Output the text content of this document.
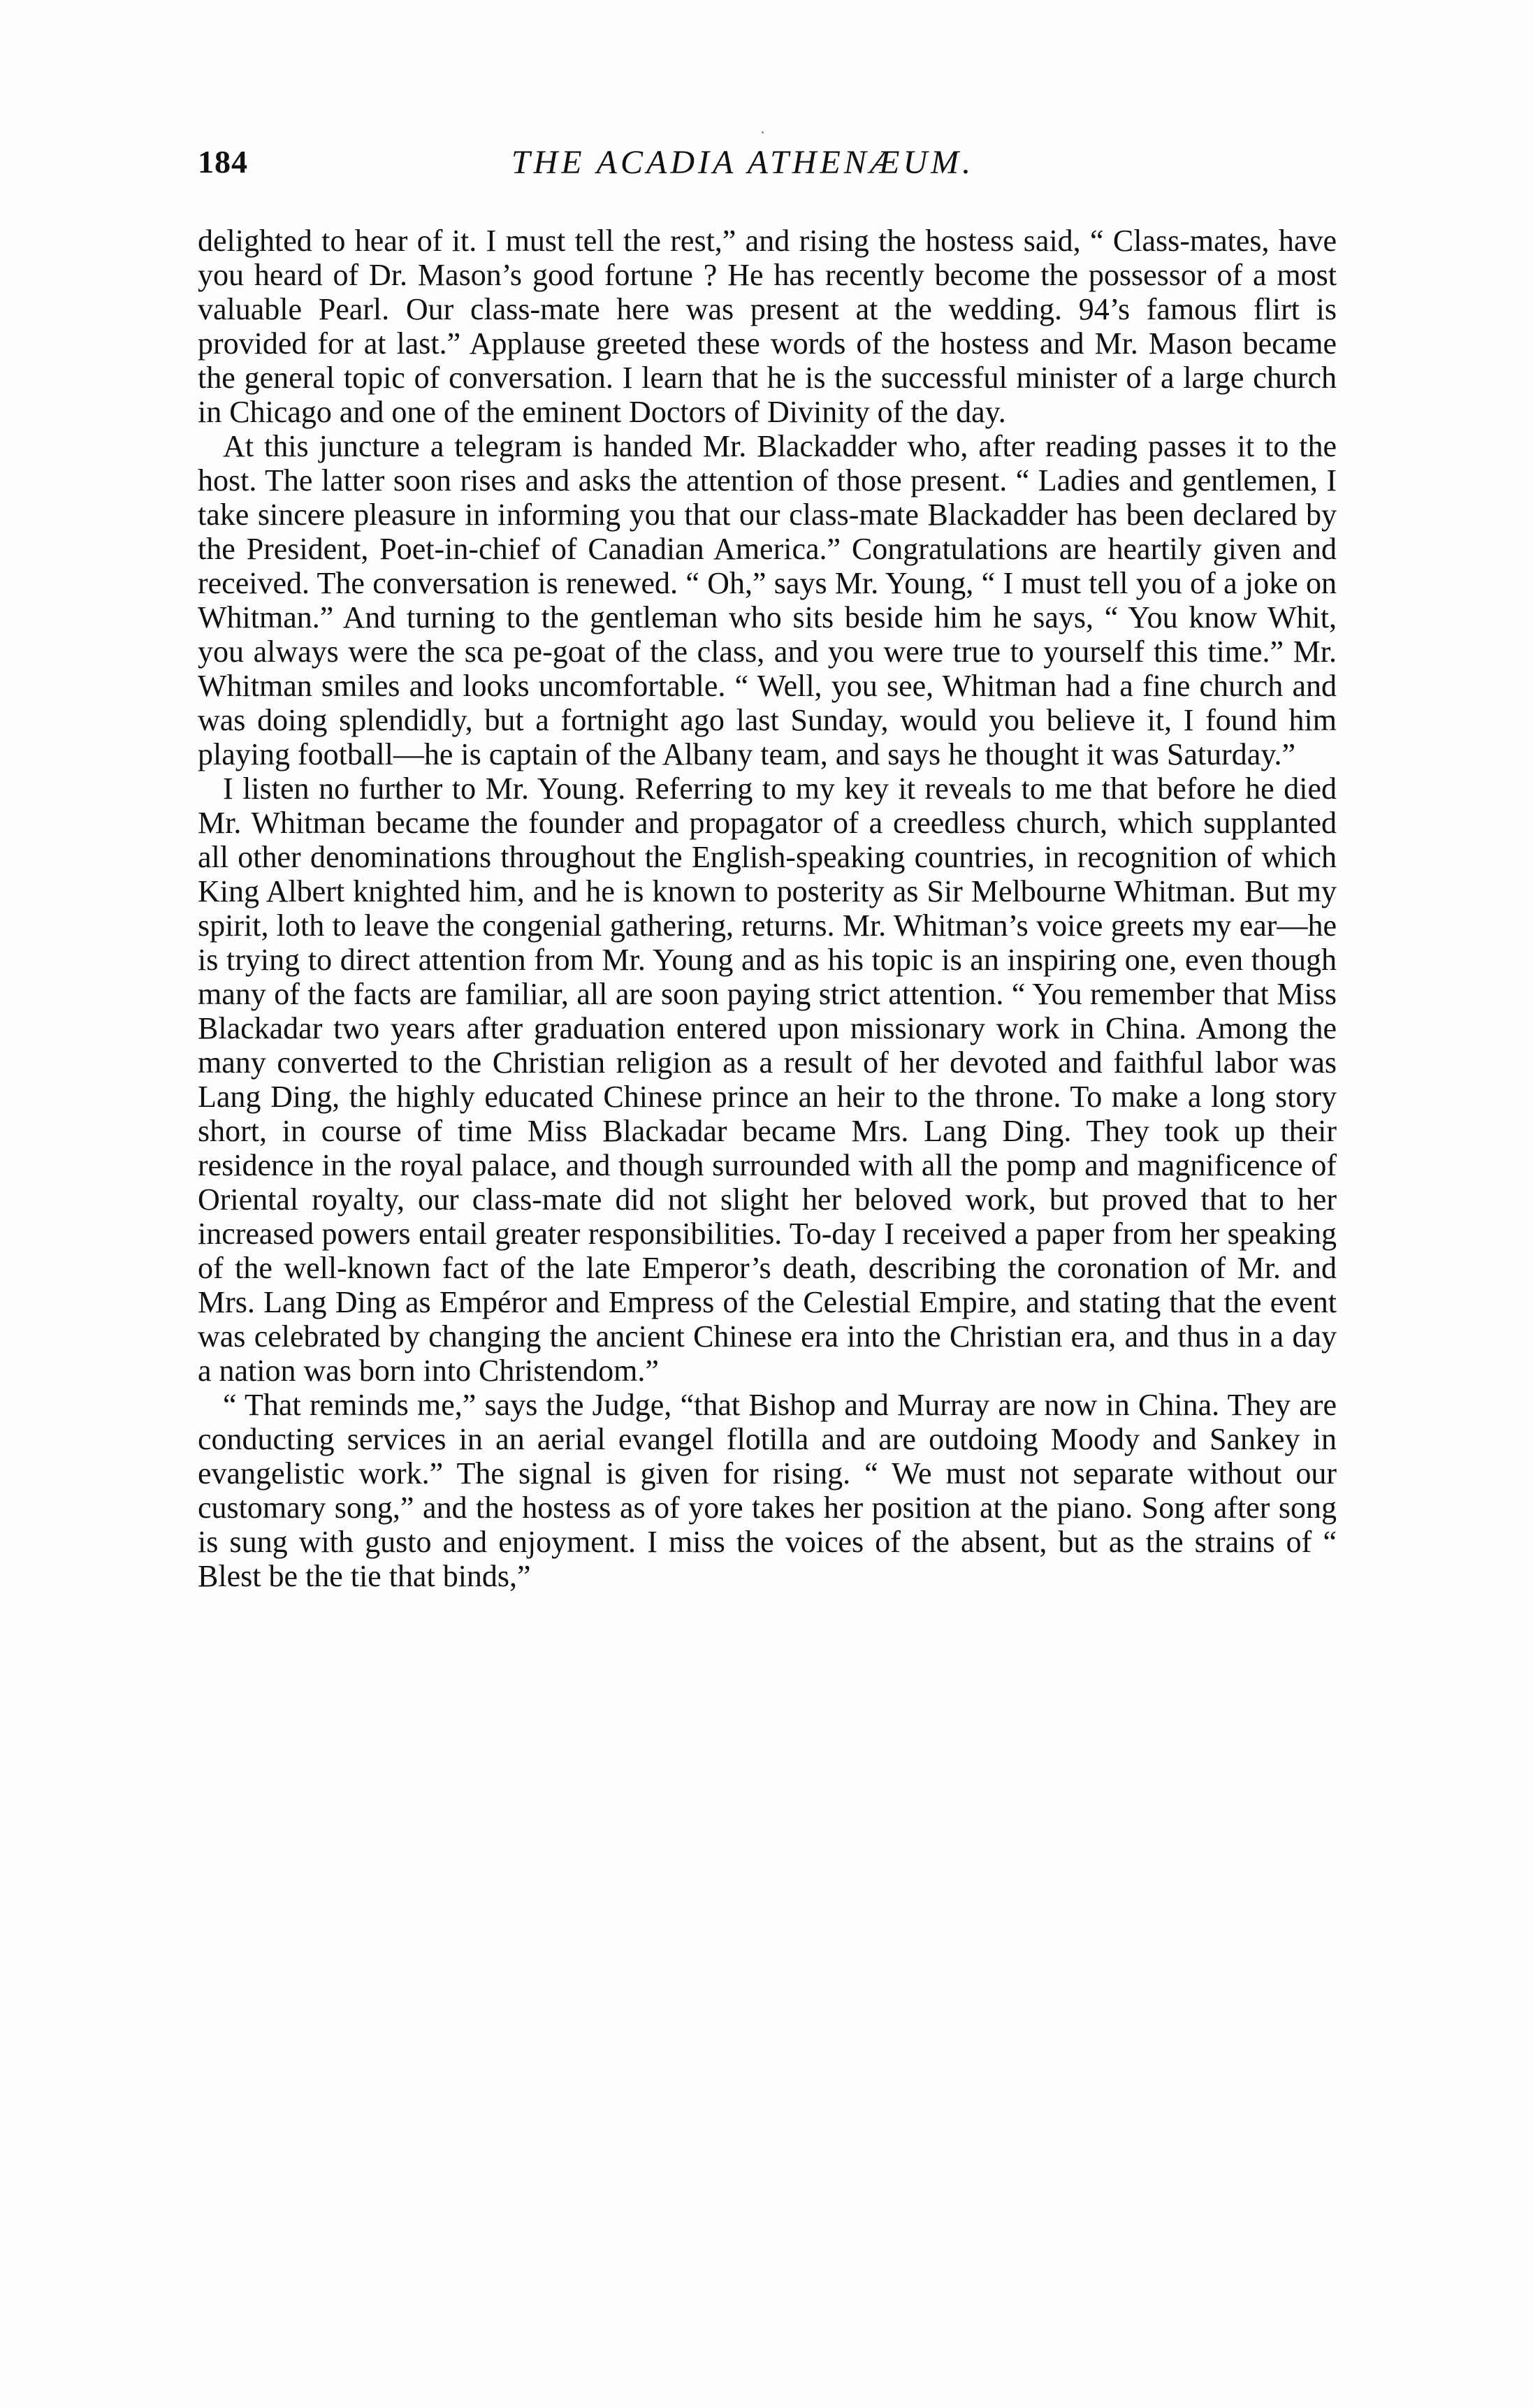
184	THE ACADIA ATHENÆUM.

delighted to hear of it. I must tell the rest,” and rising the hostess said, “ Class-mates, have you heard of Dr. Mason’s good fortune ? He has recently become the possessor of a most valuable Pearl. Our class-mate here was present at the wedding. 94’s famous flirt is provided for at last.” Applause greeted these words of the hostess and Mr. Mason became the general topic of conversation. I learn that he is the successful minister of a large church in Chicago and one of the eminent Doctors of Divinity of the day.

At this juncture a telegram is handed Mr. Blackadder who, after reading passes it to the host. The latter soon rises and asks the attention of those present. “ Ladies and gentlemen, I take sincere pleasure in informing you that our class-mate Blackadder has been declared by the President, Poet-in-chief of Canadian America.” Congratulations are heartily given and received. The conversation is renewed. “ Oh,” says Mr. Young, “ I must tell you of a joke on Whitman.” And turning to the gentleman who sits beside him he says, “ You know Whit, you always were the sca pe-goat of the class, and you were true to yourself this time.” Mr. Whitman smiles and looks uncomfortable. “ Well, you see, Whitman had a fine church and was doing splendidly, but a fortnight ago last Sunday, would you believe it, I found him playing football—he is captain of the Albany team, and says he thought it was Saturday.”

I listen no further to Mr. Young. Referring to my key it reveals to me that before he died Mr. Whitman became the founder and propagator of a creedless church, which supplanted all other denominations throughout the English-speaking countries, in recognition of which King Albert knighted him, and he is known to posterity as Sir Melbourne Whitman. But my spirit, loth to leave the congenial gathering, returns. Mr. Whitman’s voice greets my ear—he is trying to direct attention from Mr. Young and as his topic is an inspiring one, even though many of the facts are familiar, all are soon paying strict attention. “ You remember that Miss Blackadar two years after graduation entered upon missionary work in China. Among the many converted to the Christian religion as a result of her devoted and faithful labor was Lang Ding, the highly educated Chinese prince an heir to the throne. To make a long story short, in course of time Miss Blackadar became Mrs. Lang Ding. They took up their residence in the royal palace, and though surrounded with all the pomp and magnificence of Oriental royalty, our class-mate did not slight her beloved work, but proved that to her increased powers entail greater responsibilities. To-day I received a paper from her speaking of the well-known fact of the late Emperor’s death, describing the coronation of Mr. and Mrs. Lang Ding as Empéror and Empress of the Celestial Empire, and stating that the event was celebrated by changing the ancient Chinese era into the Christian era, and thus in a day a nation was born into Christendom.”

“ That reminds me,” says the Judge, “that Bishop and Murray are now in China. They are conducting services in an aerial evangel flotilla and are outdoing Moody and Sankey in evangelistic work.” The signal is given for rising. “ We must not separate without our customary song,” and the hostess as of yore takes her position at the piano. Song after song is sung with gusto and enjoyment. I miss the voices of the absent, but as the strains of “ Blest be the tie that binds,”
